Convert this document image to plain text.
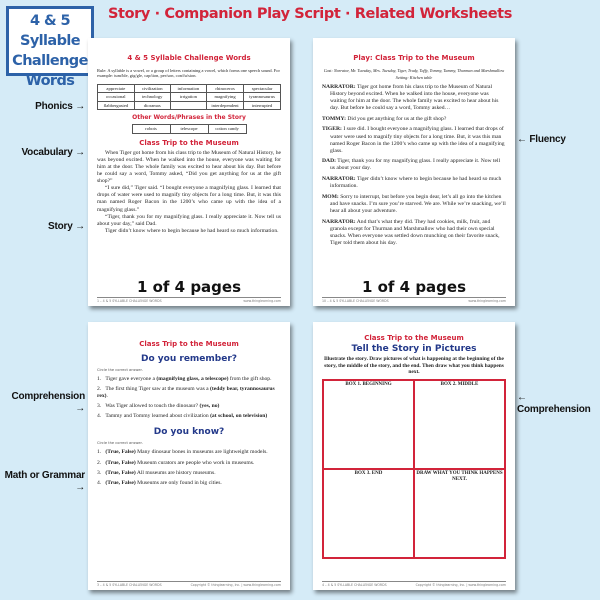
4 & 5 Syllable
Challenge
Words
Story · Companion Play Script · Related Worksheets
Phonics →
Vocabulary →
Story →
Comprehension →
Math or Grammar →
← Fluency
← Comprehension
4 & 5 Syllable Challenge Words
Rule: A syllable is a vowel, or a group of letters containing a vowel, which forms one speech sound. For example: tum/ble, gig/gle, cap/tion, per/son, con/fu/sion.
appreciate	civilization	information	rhinoceros	spectacular
occasional	technology	irrigation	magnifying	tyrannosaurus
flabbergasted	dioramas		interdependent	interrupted
Other Words/Phrases in the Story
robots	telescope	cotton candy
Class Trip to the Museum

When Tiger got home from his class trip to the Museum of Natural History, he was beyond excited. When he walked into the house, everyone was waiting for him at the door. The whole family was excited to hear about his day. But before he could say a word, Tommy asked, “Did you get anything for us at the gift shop?”

“I sure did,” Tiger said. “I bought everyone a magnifying glass. I learned that drops of water were used to magnify tiny objects for a long time. But, it was this man named Roger Bacon in the 1200’s who came up with the idea of a magnifying glass.”

“Tiger, thank you for my magnifying glass. I really appreciate it. Now tell us about your day,” said Dad.

Tiger didn’t know where to begin because he had heard so much information.

1 of 4 pages
1 – 4 & 5 SYLLABLE CHALLENGE WORDS	www.thinglearning.com
Play: Class Trip to the Museum
Cast: Narrator, Mr. Tuesday, Mrs. Tuesday, Tiger, Trudy, Taffy, Tommy, Tammy, Thurman and Marshmallow
Setting: Kitchen table

NARRATOR: Tiger got home from his class trip to the Museum of Natural History beyond excited. When he walked into the house, everyone was waiting for him at the door. The whole family was excited to hear about his day. But before he could say a word, Tommy asked…

TOMMY: Did you get anything for us at the gift shop?

TIGER: I sure did. I bought everyone a magnifying glass. I learned that drops of water were used to magnify tiny objects for a long time. But, it was this man named Roger Bacon in the 1200’s who came up with the idea of a magnifying glass.

DAD: Tiger, thank you for my magnifying glass. I really appreciate it. Now tell us about your day.

NARRATOR: Tiger didn’t know where to begin because he had heard so much information.

MOM: Sorry to interrupt, but before you begin dear, let’s all go into the kitchen and have snacks. I’m sure you’re starved. We are. While we’re snacking, we’ll hear all about your adventure.

NARRATOR: And that’s what they did. They had cookies, milk, fruit, and granola except for Thurman and Marshmallow who had their own special snacks. When everyone was settled down munching on their favorite snack, Tiger told them about his day.

1 of 4 pages
10 – 4 & 5 SYLLABLE CHALLENGE WORDS	www.thinglearning.com
Class Trip to the Museum
Do you remember?
Circle the correct answer.

1. Tiger gave everyone a (magnifying glass, a telescope) from the gift shop.

2. The first thing Tiger saw at the museum was a (teddy bear, tyrannosaurus rex).

3. Was Tiger allowed to touch the dinosaur? (yes, no)

4. Tammy and Tommy learned about civilization (at school, on television)

Do you know?
Circle the correct answer.

1. (True, False) Many dinosaur bones in museums are lightweight models.

2. (True, False) Museum curators are people who work in museums.

3. (True, False) All museums are history museums.

4. (True, False) Museums are only found in big cities.

3 – 4 & 5 SYLLABLE CHALLENGE WORDS	Copyright © thinglearning, Inc. | www.thinglearning.com
Class Trip to the Museum
Tell the Story in Pictures
Illustrate the story. Draw pictures of what is happening at the beginning of the story, the middle of the story, and the end. Then draw what you think happens next.
BOX 1. BEGINNING	BOX 2. MIDDLE
BOX 3. END	DRAW WHAT YOU THINK HAPPENS NEXT.
4 – 4 & 5 SYLLABLE CHALLENGE WORDS	Copyright © thinglearning, Inc. | www.thinglearning.com
